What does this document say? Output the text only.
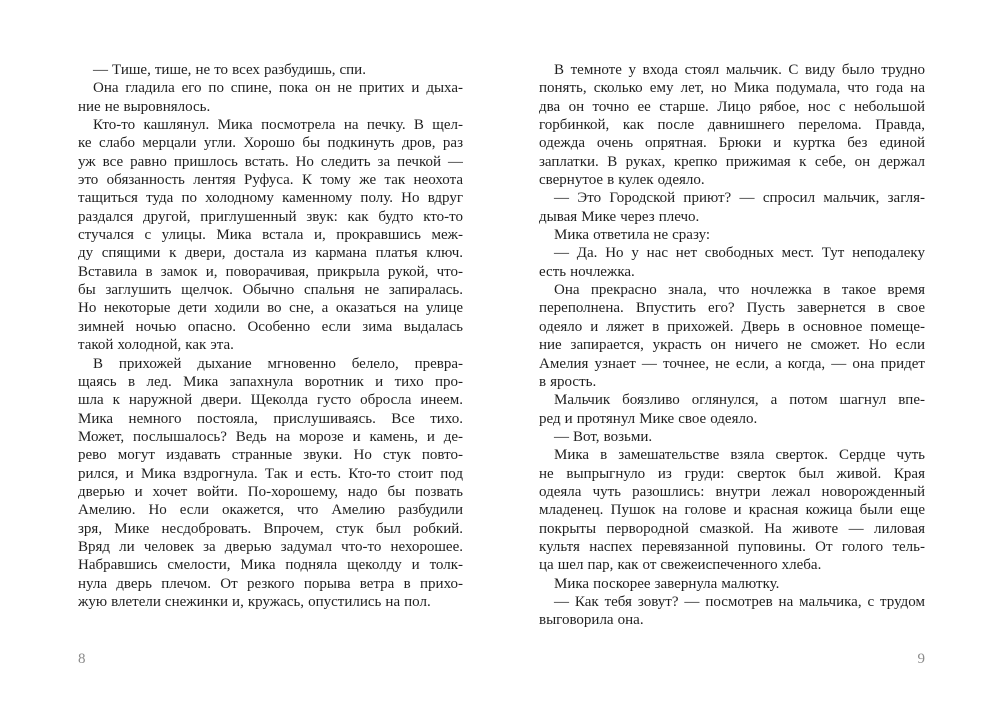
— Тише, тише, не то всех разбудишь, спи.
Она гладила его по спине, пока он не притих и дыха-
ние не выровнялось.
Кто-то кашлянул. Мика посмотрела на печку. В щел-
ке слабо мерцали угли. Хорошо бы подкинуть дров, раз
уж все равно пришлось встать. Но следить за печкой —
это обязанность лентяя Руфуса. К тому же так неохота
тащиться туда по холодному каменному полу. Но вдруг
раздался другой, приглушенный звук: как будто кто-то
стучался с улицы. Мика встала и, прокравшись меж-
ду спящими к двери, достала из кармана платья ключ.
Вставила в замок и, поворачивая, прикрыла рукой, что-
бы заглушить щелчок. Обычно спальня не запиралась.
Но некоторые дети ходили во сне, а оказаться на улице
зимней ночью опасно. Особенно если зима выдалась
такой холодной, как эта.
В прихожей дыхание мгновенно белело, превра-
щаясь в лед. Мика запахнула воротник и тихо про-
шла к наружной двери. Щеколда густо обросла инеем.
Мика немного постояла, прислушиваясь. Все тихо.
Может, послышалось? Ведь на морозе и камень, и де-
рево могут издавать странные звуки. Но стук повто-
рился, и Мика вздрогнула. Так и есть. Кто-то стоит под
дверью и хочет войти. По-хорошему, надо бы позвать
Амелию. Но если окажется, что Амелию разбудили
зря, Мике несдобровать. Впрочем, стук был робкий.
Вряд ли человек за дверью задумал что-то нехорошее.
Набравшись смелости, Мика подняла щеколду и толк-
нула дверь плечом. От резкого порыва ветра в прихо-
жую влетели снежинки и, кружась, опустились на пол.
В темноте у входа стоял мальчик. С виду было трудно
понять, сколько ему лет, но Мика подумала, что года на
два он точно ее старше. Лицо рябое, нос с небольшой
горбинкой, как после давнишнего перелома. Правда,
одежда очень опрятная. Брюки и куртка без единой
заплатки. В руках, крепко прижимая к себе, он держал
свернутое в кулек одеяло.
— Это Городской приют? — спросил мальчик, загля-
дывая Мике через плечо.
Мика ответила не сразу:
— Да. Но у нас нет свободных мест. Тут неподалеку
есть ночлежка.
Она прекрасно знала, что ночлежка в такое время
переполнена. Впустить его? Пусть завернется в свое
одеяло и ляжет в прихожей. Дверь в основное помеще-
ние запирается, украсть он ничего не сможет. Но если
Амелия узнает — точнее, не если, а когда, — она придет
в ярость.
Мальчик боязливо оглянулся, а потом шагнул впе-
ред и протянул Мике свое одеяло.
— Вот, возьми.
Мика в замешательстве взяла сверток. Сердце чуть
не выпрыгнуло из груди: сверток был живой. Края
одеяла чуть разошлись: внутри лежал новорожденный
младенец. Пушок на голове и красная кожица были еще
покрыты первородной смазкой. На животе — лиловая
культя наспех перевязанной пуповины. От голого тель-
ца шел пар, как от свежеиспеченного хлеба.
Мика поскорее завернула малютку.
— Как тебя зовут? — посмотрев на мальчика, с трудом
выговорила она.
8	9
